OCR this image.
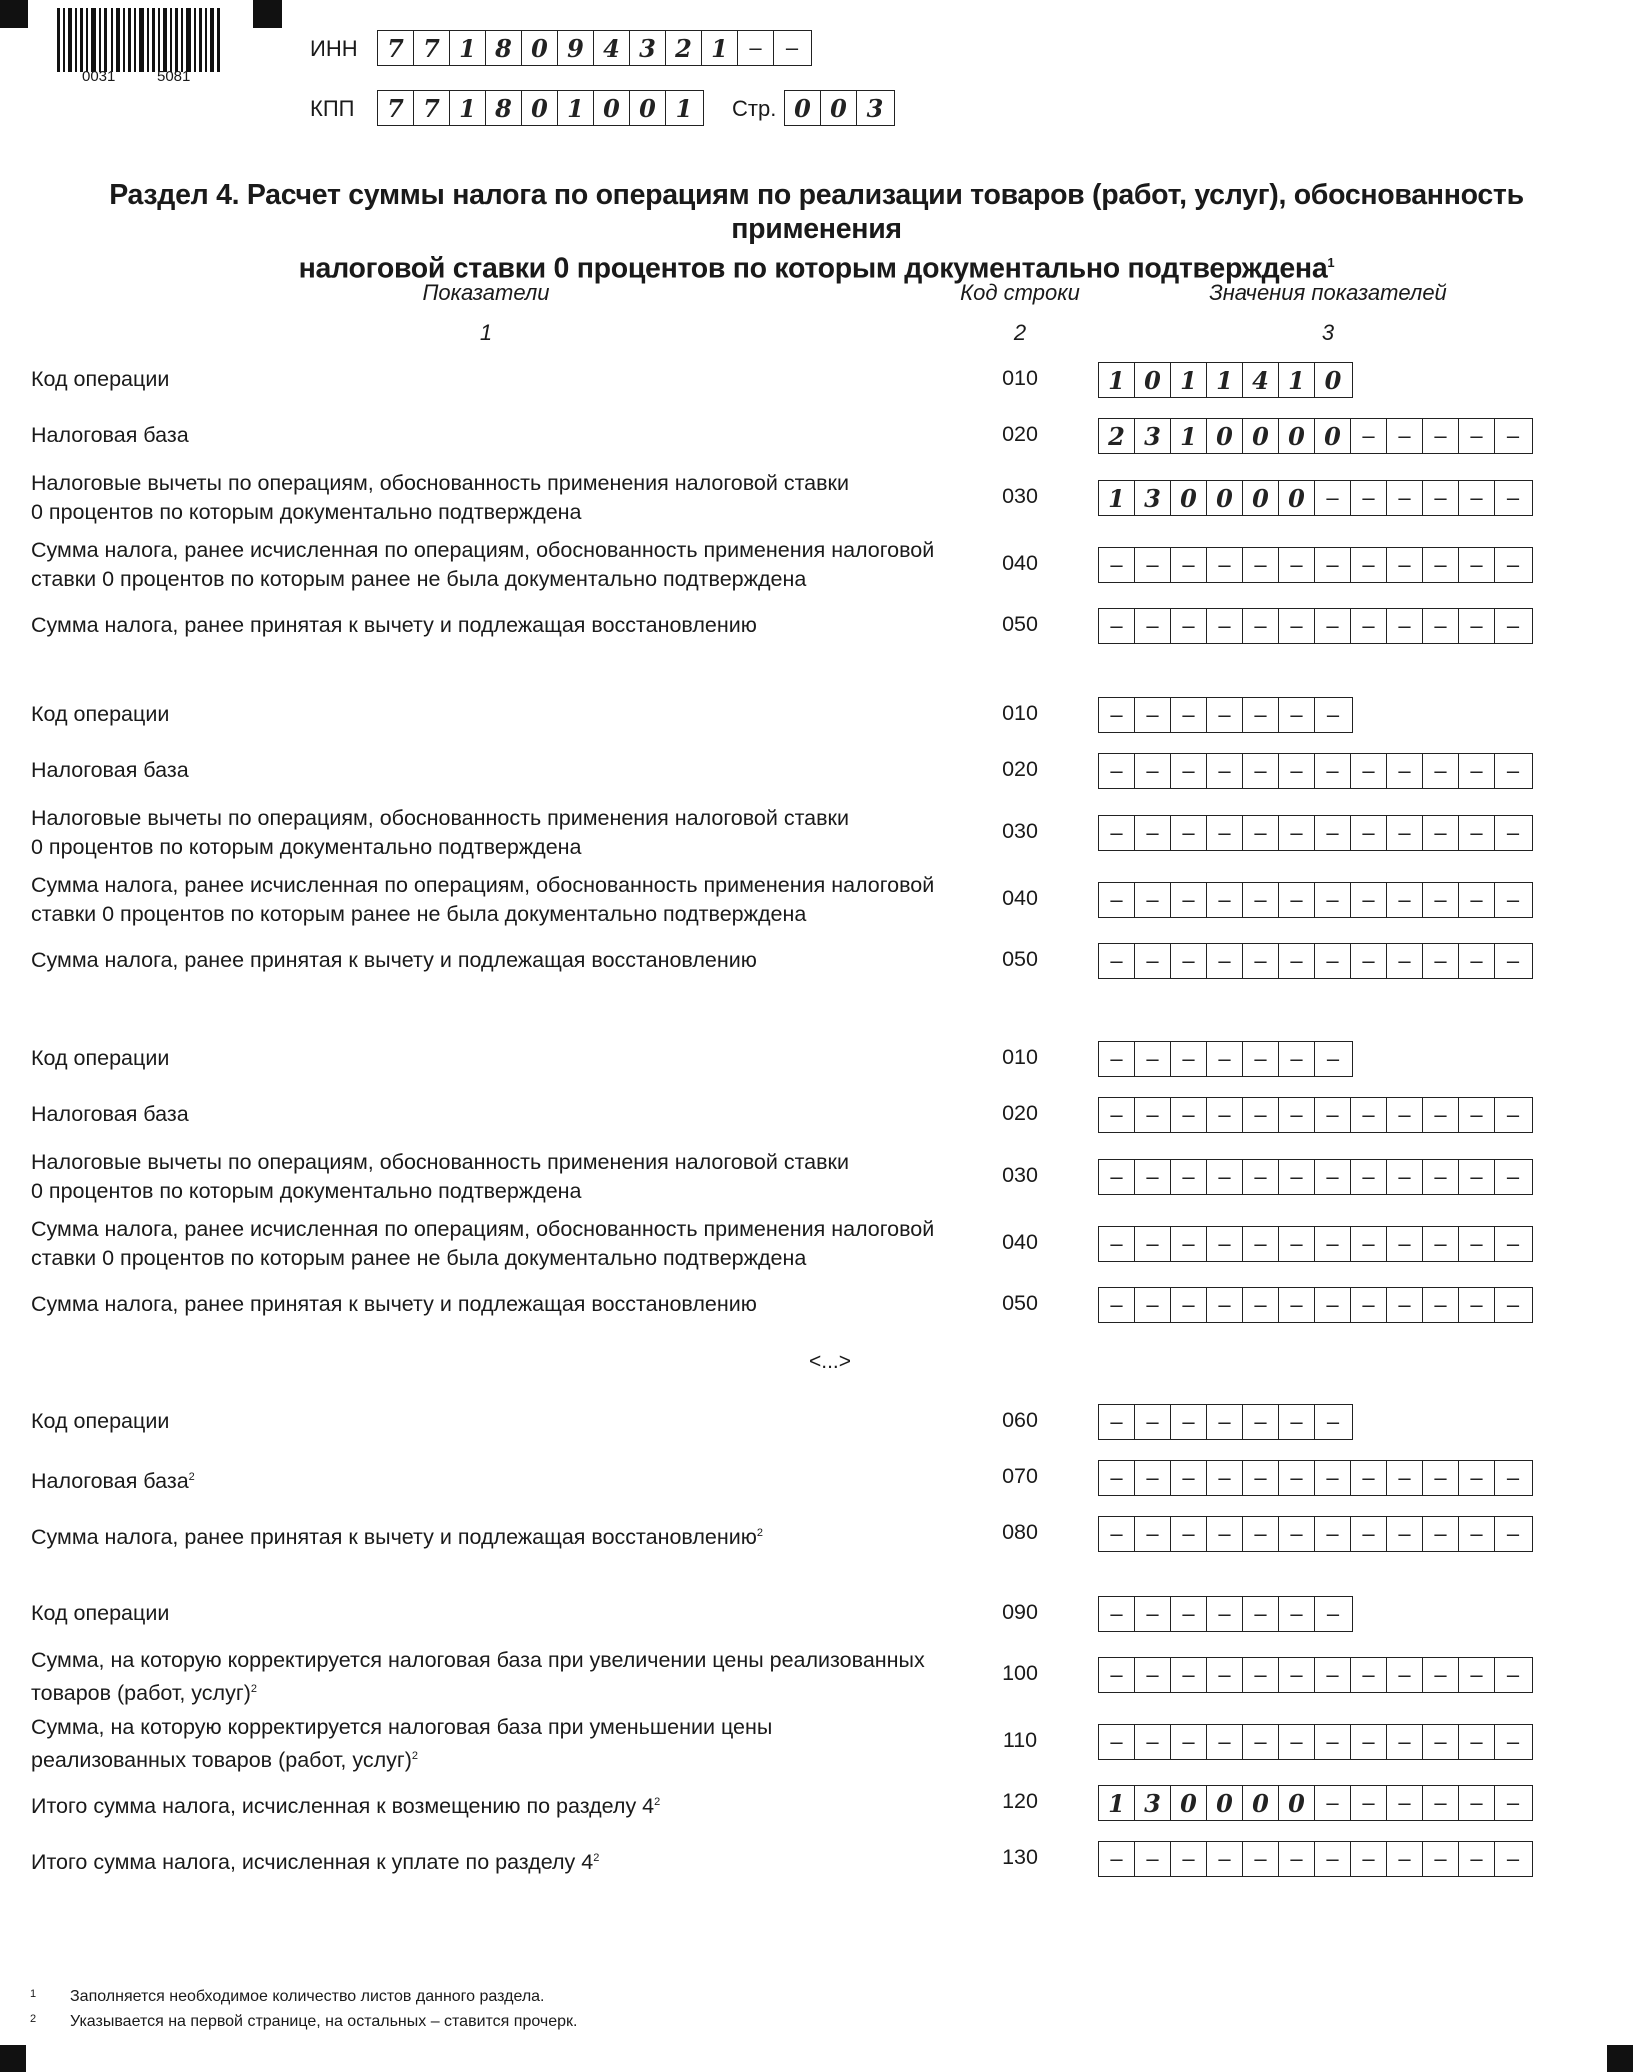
0031	5081
ИНН	7 7 1 8 0 9 4 3 2 1 –	–
КПП	7 7 1 8 0 1 0 0 1	Стр. 0 0 3
Раздел 4. Расчет суммы налога по операциям по реализации товаров (работ, услуг), обоснованность применения
налоговой ставки 0 процентов по которым документально подтверждена$^1$
Показатели	Код строки	Значения показателей
1	2	3
Код операции	010	1 0 1 1 4 1 0
Налоговая база	020	2 3 1 0 0 0 0 –	–	–	–	–
Налоговые вычеты по операциям, обоснованность применения налоговой ставки
0 процентов по которым документально подтверждена
030	1 3 0 0 0 0 –	–	–	–	–	–
Сумма налога, ранее исчисленная по операциям, обоснованность применения налоговой
ставки 0 процентов по которым ранее не была документально подтверждена
040	–	–	–	–	–	–	–	–	–	–	–	–
Сумма налога, ранее принятая к вычету и подлежащая восстановлению	050	–	–	–	–	–	–	–	–	–	–	–	–
Код операции	010	–	–	–	–	–	–	–
Налоговая база	020	–	–	–	–	–	–	–	–	–	–	–	–
Налоговые вычеты по операциям, обоснованность применения налоговой ставки
0 процентов по которым документально подтверждена
030	–	–	–	–	–	–	–	–	–	–	–	–
Сумма налога, ранее исчисленная по операциям, обоснованность применения налоговой
ставки 0 процентов по которым ранее не была документально подтверждена
040	–	–	–	–	–	–	–	–	–	–	–	–
Сумма налога, ранее принятая к вычету и подлежащая восстановлению	050	–	–	–	–	–	–	–	–	–	–	–	–
Код операции	010	–	–	–	–	–	–	–
Налоговая база	020	–	–	–	–	–	–	–	–	–	–	–	–
Налоговые вычеты по операциям, обоснованность применения налоговой ставки
0 процентов по которым документально подтверждена
030	–	–	–	–	–	–	–	–	–	–	–	–
Сумма налога, ранее исчисленная по операциям, обоснованность применения налоговой
ставки 0 процентов по которым ранее не была документально подтверждена
040	–	–	–	–	–	–	–	–	–	–	–	–
Сумма налога, ранее принятая к вычету и подлежащая восстановлению	050	–	–	–	–	–	–	–	–	–	–	–	–
Код операции	060	–	–	–	–	–	–	–
Налоговая база$^2$	070	–	–	–	–	–	–	–	–	–	–	–	–
Сумма налога, ранее принятая к вычету и подлежащая восстановлению$^2$	080	–	–	–	–	–	–	–	–	–	–	–	–
Код операции	090	–	–	–	–	–	–	–
Сумма, на которую корректируется налоговая база при увеличении цены реализованных
товаров (работ, услуг)$^2$
100	–	–	–	–	–	–	–	–	–	–	–	–
Сумма, на которую корректируется налоговая база при уменьшении цены
реализованных товаров (работ, услуг)$^2$
110	–	–	–	–	–	–	–	–	–	–	–	–
Итого сумма налога, исчисленная к возмещению по разделу $4^2$	120	1 3 0 0 0 0 –	–	–	–	–	–
Итого сумма налога, исчисленная к уплате по разделу $4^2$	130	–	–	–	–	–	–	–	–	–	–	–	–
<...>
1 Заполняется необходимое количество листов данного раздела.
2 Указывается на первой странице, на остальных – ставится прочерк.
